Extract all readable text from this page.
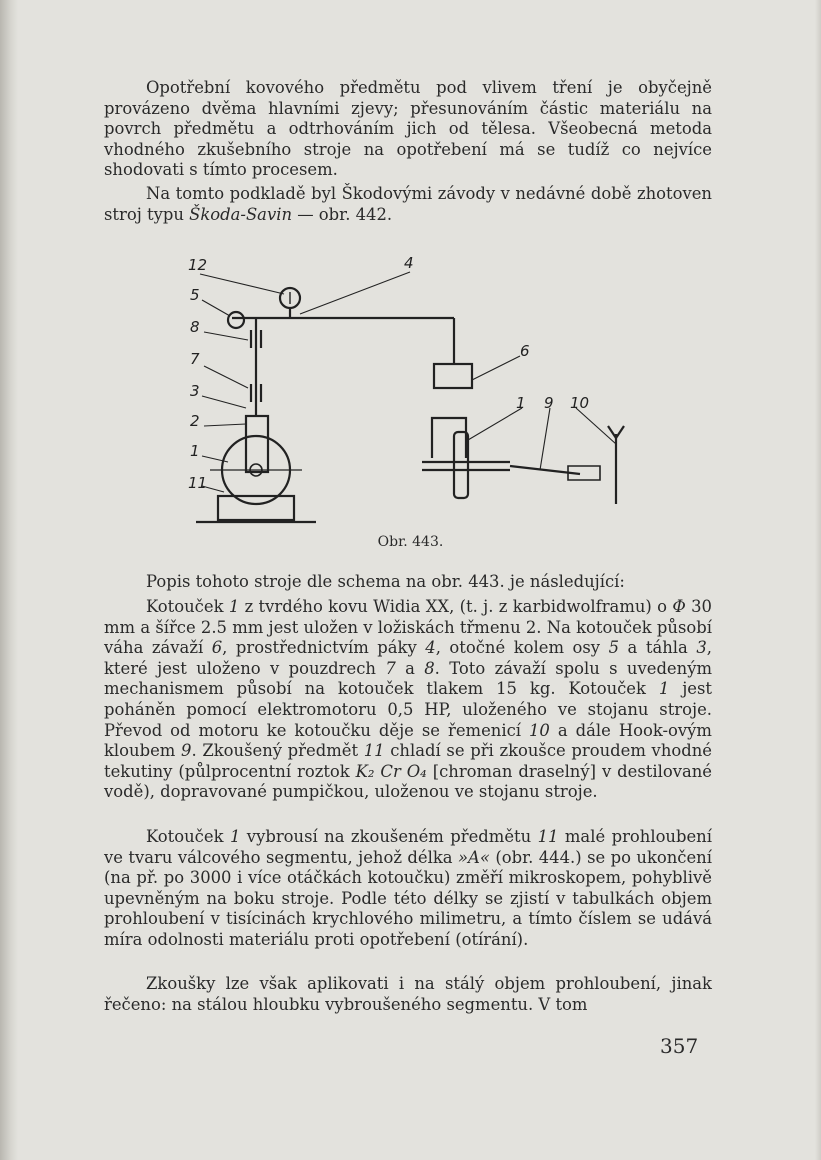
Opotřební kovového předmětu pod vlivem tření je obyčejně provázeno dvěma hlavními zjevy; přesunováním částic materiálu na povrch předmětu a odtrhováním jich od tělesa. Všeobecná metoda vhodného zkušebního stroje na opotřebení má se tudíž co nejvíce shodovati s tímto procesem.

Na tomto podkladě byl Škodovými závody v nedávné době zhotoven stroj typu Škoda-Savin — obr. 442.

12
5
8
7
3
2
1
11
4
6
1 9 10
Obr. 443.

Popis tohoto stroje dle schema na obr. 443. je následující:

Kotouček 1 z tvrdého kovu Widia XX, (t. j. z karbidwolframu) o Φ 30 mm a šířce 2.5 mm jest uložen v ložiskách třmenu 2. Na kotouček působí váha závaží 6, prostřednictvím páky 4, otočné kolem osy 5 a táhla 3, které jest uloženo v pouzdrech 7 a 8. Toto závaží spolu s uvedeným mechanismem působí na kotouček tlakem 15 kg. Kotouček 1 jest poháněn pomocí elektromotoru 0,5 HP, uloženého ve stojanu stroje. Převod od motoru ke kotoučku děje se řemenicí 10 a dále Hook-ovým kloubem 9. Zkoušený předmět 11 chladí se při zkoušce proudem vhodné tekutiny (půlprocentní roztok K₂ Cr O₄ [chroman draselný] v destilované vodě), dopravované pumpičkou, uloženou ve stojanu stroje.

Kotouček 1 vybrousí na zkoušeném předmětu 11 malé prohloubení ve tvaru válcového segmentu, jehož délka »A« (obr. 444.) se po ukončení (na př. po 3000 i více otáčkách kotoučku) změří mikroskopem, pohyblivě upevněným na boku stroje. Podle této délky se zjistí v tabulkách objem prohloubení v tisícinách krychlového milimetru, a tímto číslem se udává míra odolnosti materiálu proti opotřebení (otírání).

Zkoušky lze však aplikovati i na stálý objem prohloubení, jinak řečeno: na stálou hloubku vybroušeného segmentu. V tom

357
